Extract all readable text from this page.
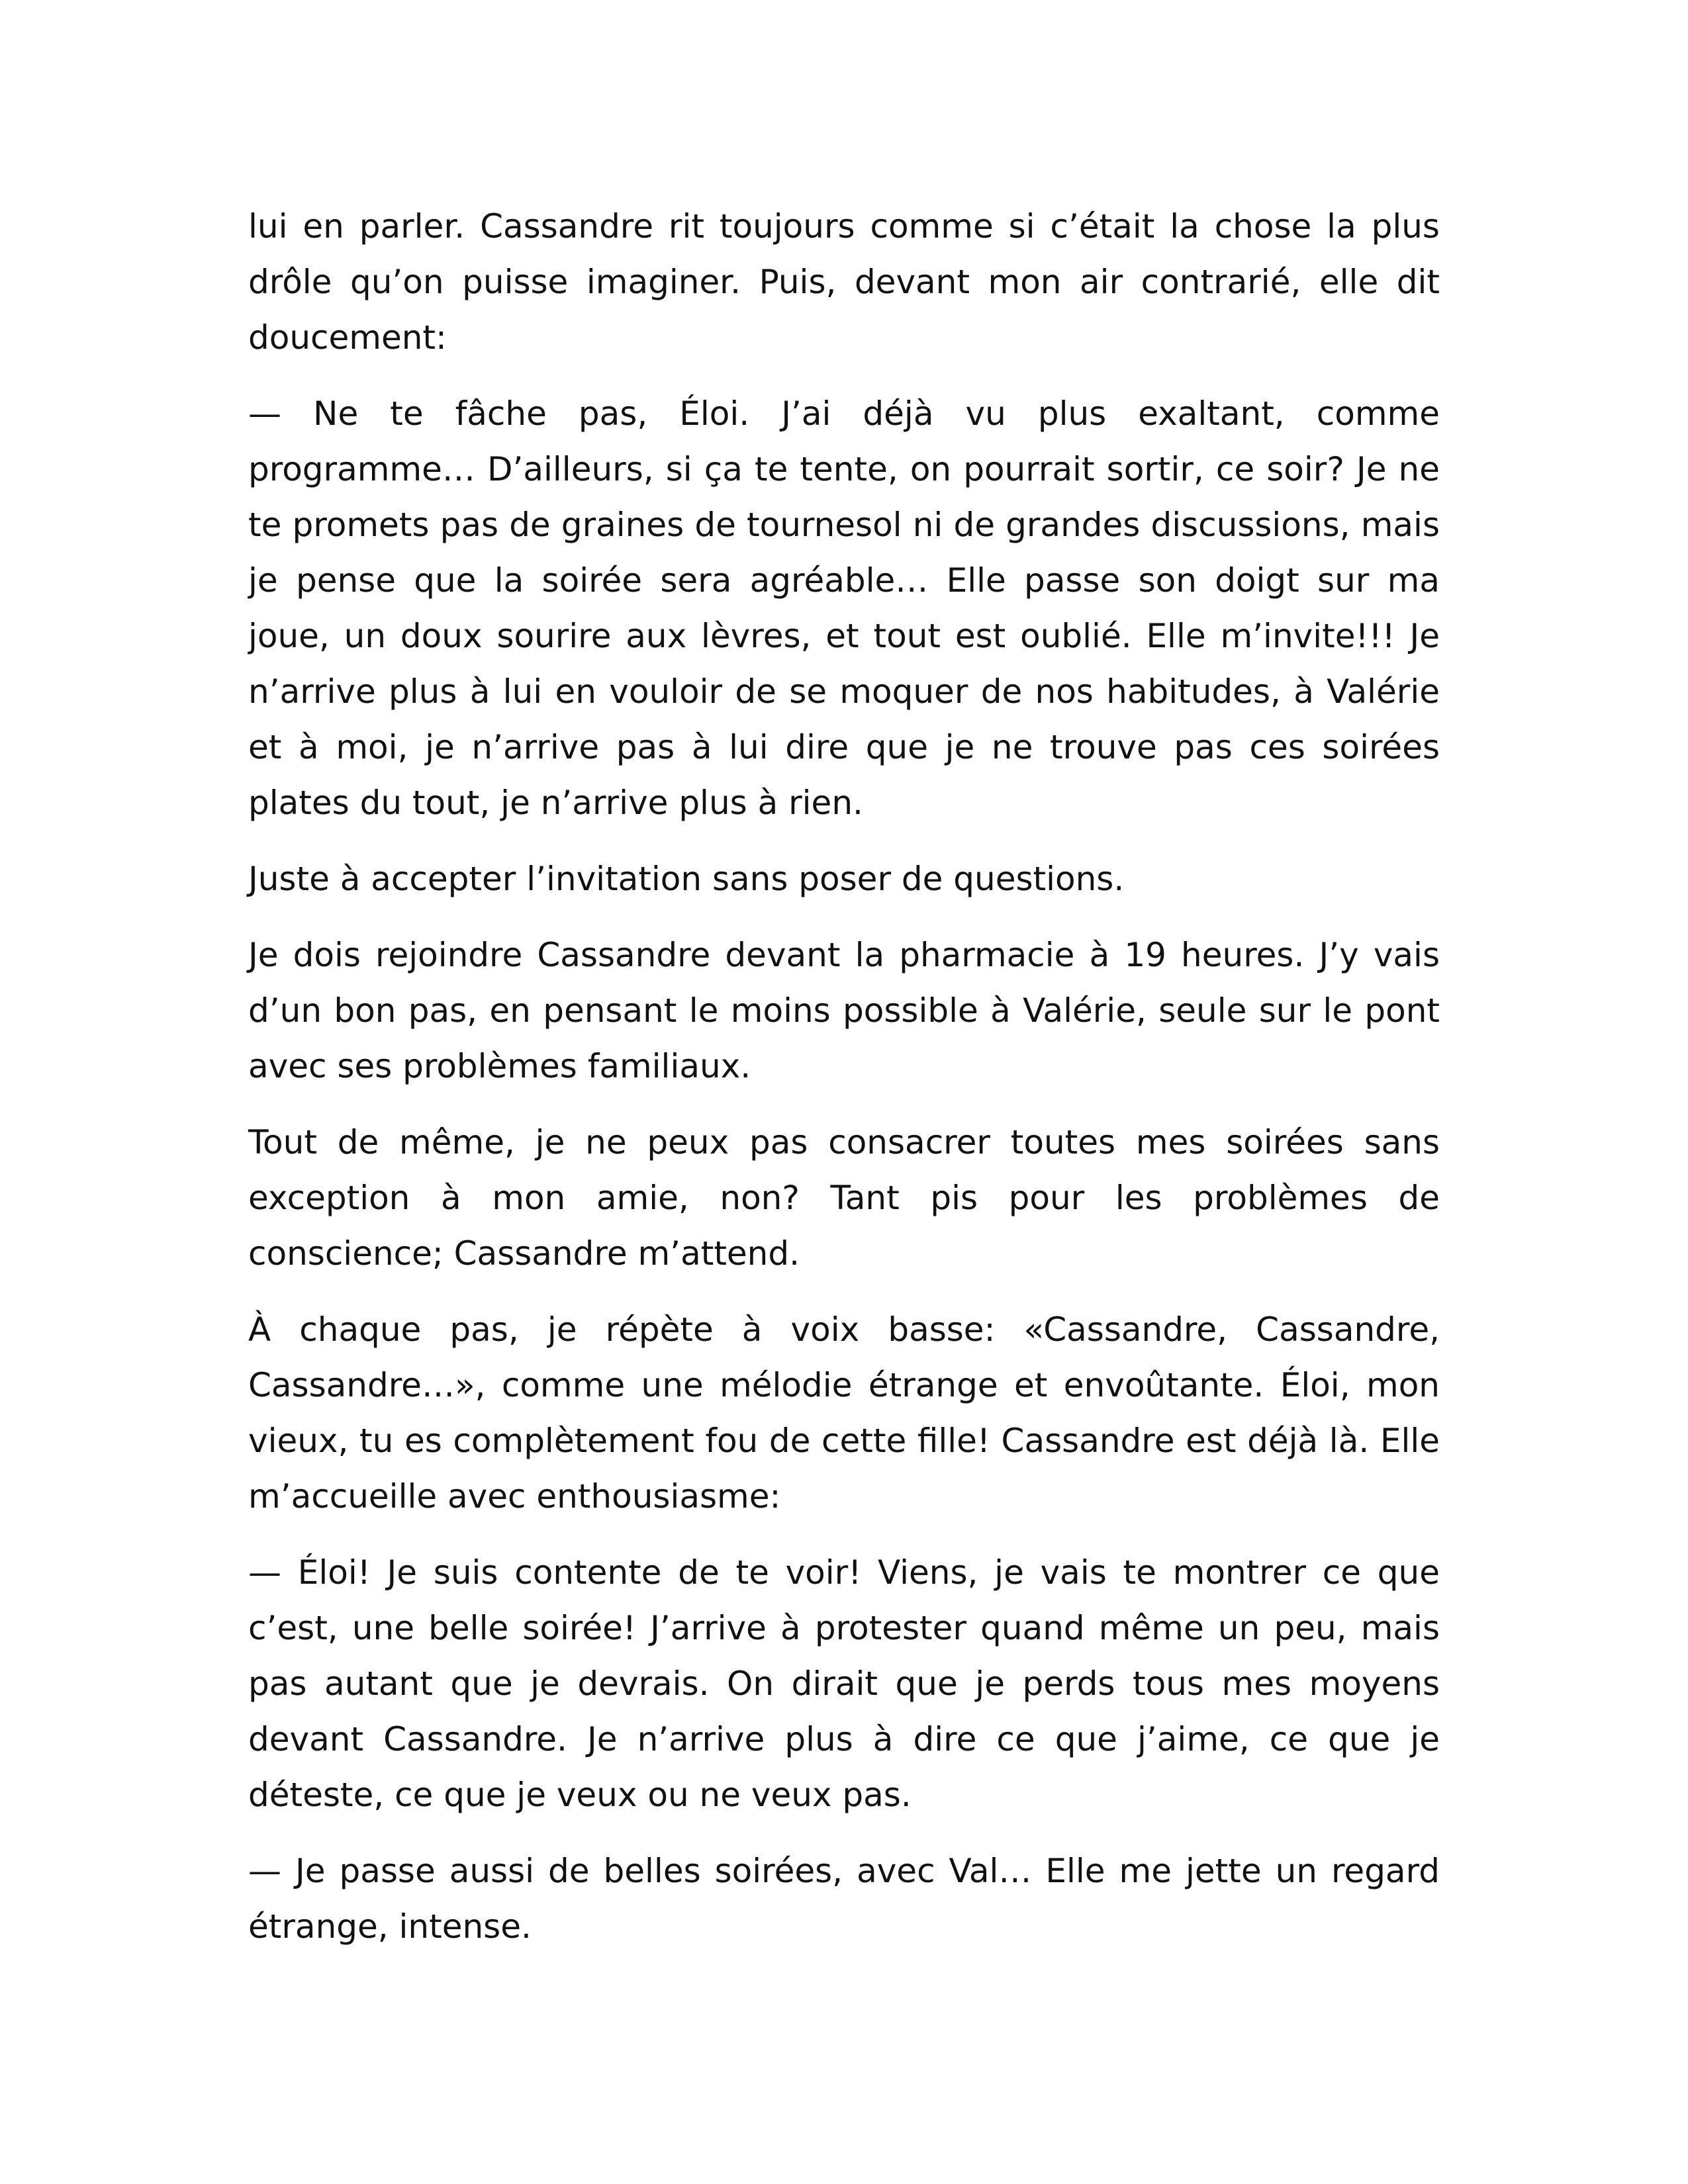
lui en parler. Cassandre rit toujours comme si c’était la chose la plus drôle qu’on puisse imaginer. Puis, devant mon air contrarié, elle dit doucement:

— Ne te fâche pas, Éloi. J’ai déjà vu plus exaltant, comme programme… D’ailleurs, si ça te tente, on pourrait sortir, ce soir? Je ne te promets pas de graines de tournesol ni de grandes discussions, mais je pense que la soirée sera agréable… Elle passe son doigt sur ma joue, un doux sourire aux lèvres, et tout est oublié. Elle m’invite!!! Je n’arrive plus à lui en vouloir de se moquer de nos habitudes, à Valérie et à moi, je n’arrive pas à lui dire que je ne trouve pas ces soirées plates du tout, je n’arrive plus à rien.

Juste à accepter l’invitation sans poser de questions.

Je dois rejoindre Cassandre devant la pharmacie à 19 heures. J’y vais d’un bon pas, en pensant le moins possible à Valérie, seule sur le pont avec ses problèmes familiaux.

Tout de même, je ne peux pas consacrer toutes mes soirées sans exception à mon amie, non? Tant pis pour les problèmes de conscience; Cassandre m’attend.

À chaque pas, je répète à voix basse: «Cassandre, Cassandre, Cassandre…», comme une mélodie étrange et envoûtante. Éloi, mon vieux, tu es complètement fou de cette fille! Cassandre est déjà là. Elle m’accueille avec enthousiasme:

— Éloi! Je suis contente de te voir! Viens, je vais te montrer ce que c’est, une belle soirée! J’arrive à protester quand même un peu, mais pas autant que je devrais. On dirait que je perds tous mes moyens devant Cassandre. Je n’arrive plus à dire ce que j’aime, ce que je déteste, ce que je veux ou ne veux pas.

— Je passe aussi de belles soirées, avec Val… Elle me jette un regard étrange, intense.
